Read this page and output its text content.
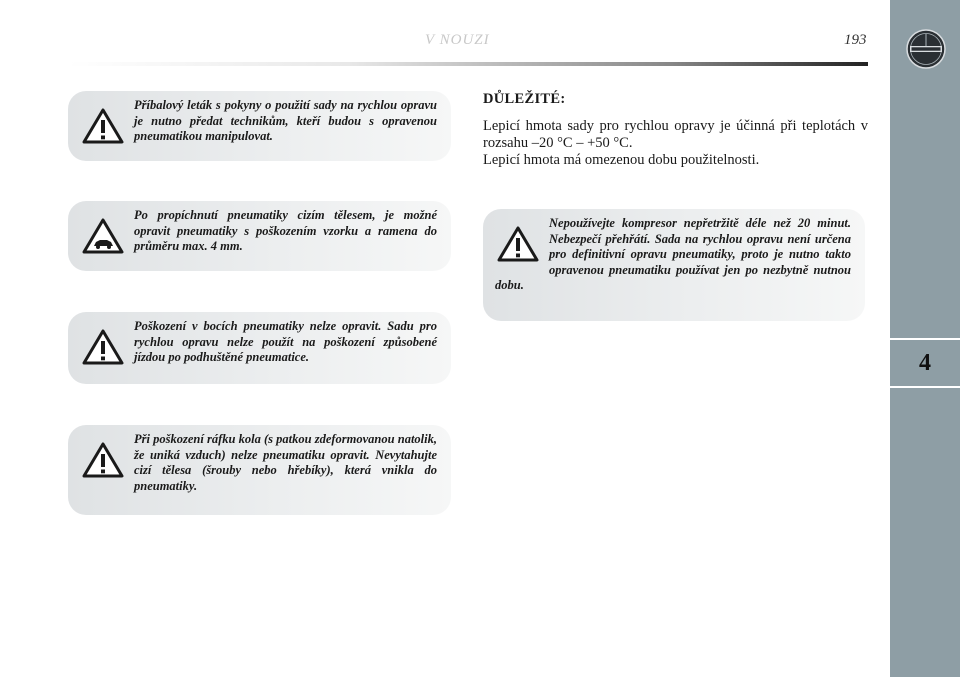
4
V NOUZI	193
Příbalový leták s pokyny o použití sady na rychlou opravu je nutno předat technikům, kteří budou s opravenou pneumatikou manipulovat.
Po propíchnutí pneumatiky cizím tělesem, je možné opravit pneumatiky s poškozením vzorku a ramena do průměru max. 4 mm.
Poškození v bocích pneumatiky nelze opravit. Sadu pro rychlou opravu nelze použít na poškození způsobené jízdou po podhuštěné pneumatice.
Při poškození ráfku kola (s patkou zdeformovanou natolik, že uniká vzduch) nelze pneumatiku opravit. Nevytahujte cizí tělesa (šrouby nebo hřebíky), která vnikla do pneumatiky.
DŮLEŽITÉ:

Lepicí hmota sady pro rychlou opravy je účinná při teplotách v rozsahu –20 °C – +50 °C.
Lepicí hmota má omezenou dobu použitelnosti.

Nepoužívejte kompresor nepřetržitě déle než 20 minut. Nebezpečí přehřátí. Sada na rychlou opravu není určena pro definitivní opravu pneumatiky, proto je nutno takto opravenou pneumatiku používat jen po nezbytně nutnou dobu.
